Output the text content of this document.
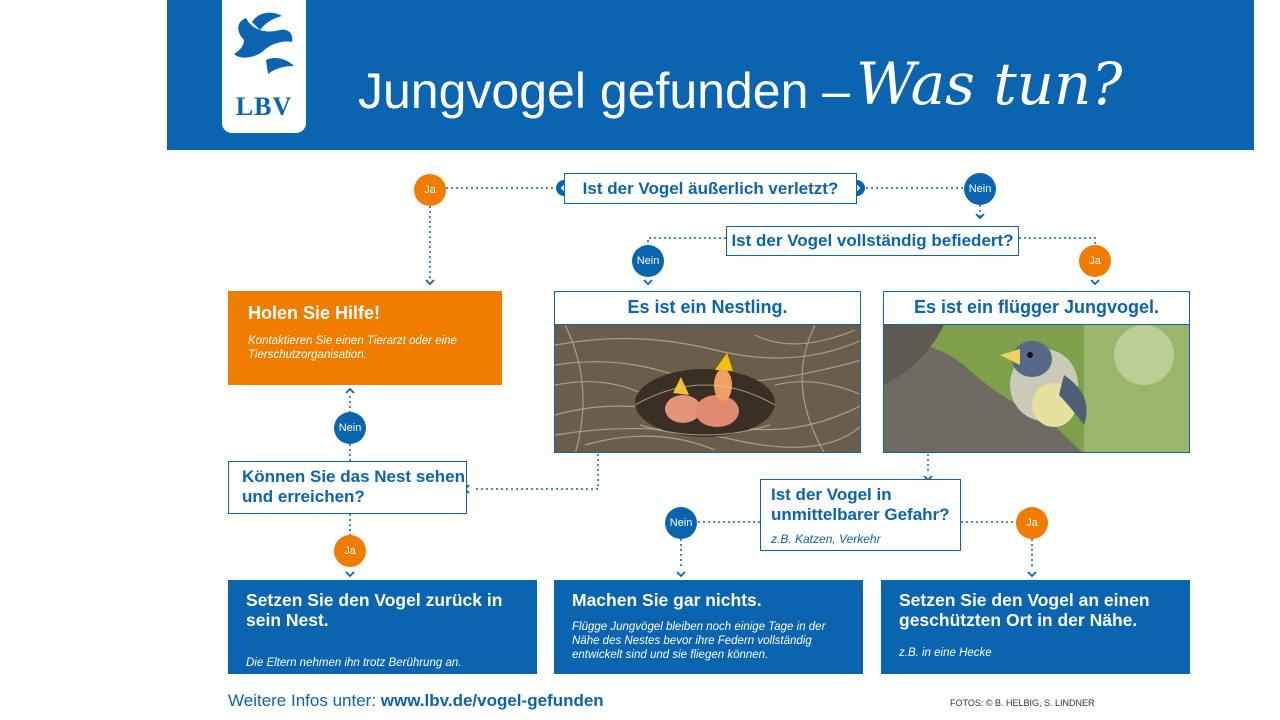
LBV Jungvogel gefunden – Was tun?
Ist der Vogel äußerlich verletzt?
Ist der Vogel vollständig befiedert?
Können Sie das Nest sehen und erreichen?	Ist der Vogel in unmittelbarer Gefahr?
z.B. Katzen, Verkehr
Ja	Nein
Nein	Ja
Nein
Ja
Nein	Ja
Holen Sie Hilfe!
Kontaktieren Sie einen Tierarzt oder eine Tierschutzorganisation.
Es ist ein Nestling.	Es ist ein flügger Jungvogel.
Setzen Sie den Vogel zurück in sein Nest.
Die Eltern nehmen ihn trotz Berührung an.
Machen Sie gar nichts.
Flügge Jungvögel bleiben noch einige Tage in der Nähe des Nestes bevor ihre Federn vollständig entwickelt sind und sie fliegen können.
Setzen Sie den Vogel an einen geschützten Ort in der Nähe.
z.B. in eine Hecke
Weitere Infos unter: www.lbv.de/vogel-gefunden	FOTOS: © B. HELBIG, S. LINDNER
